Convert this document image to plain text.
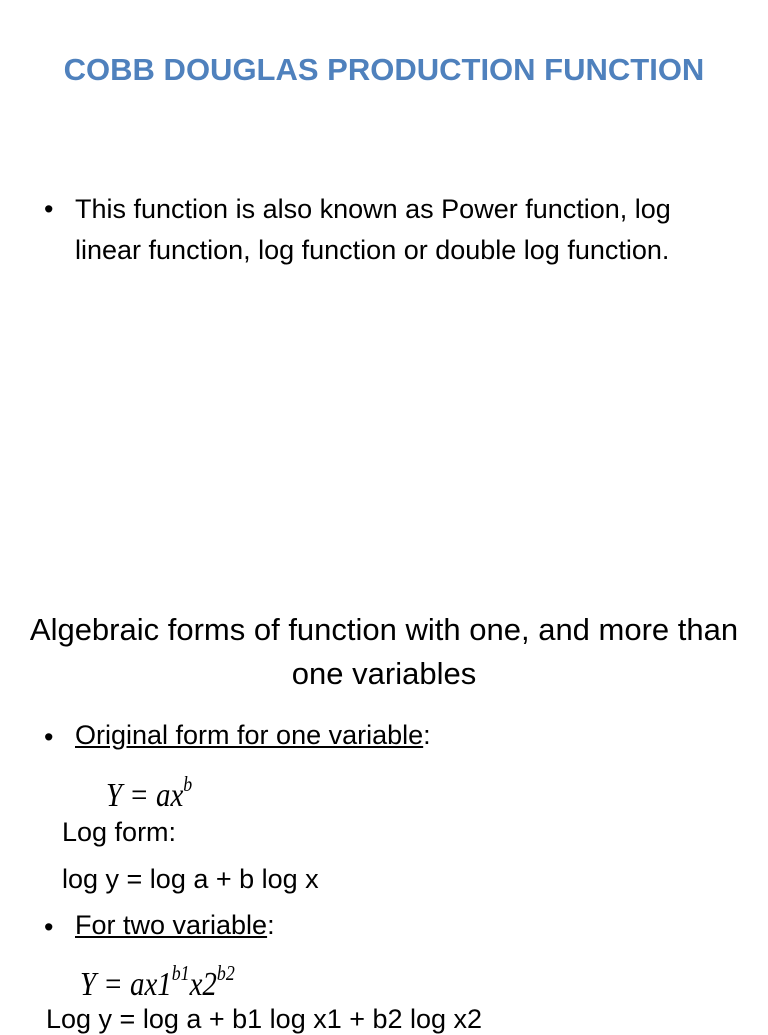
COBB DOUGLAS PRODUCTION FUNCTION
• This function is also known as Power function, log linear function, log function or double log function.
Algebraic forms of function with one, and more than one variables
• Original form for one variable:
$Y = ax^b$
Log form:
log y = log a + b log x
• For two variable:
$Y = ax1^{b1}x2^{b2}$
Log y = log a + b1 log x1 + b2 log x2
